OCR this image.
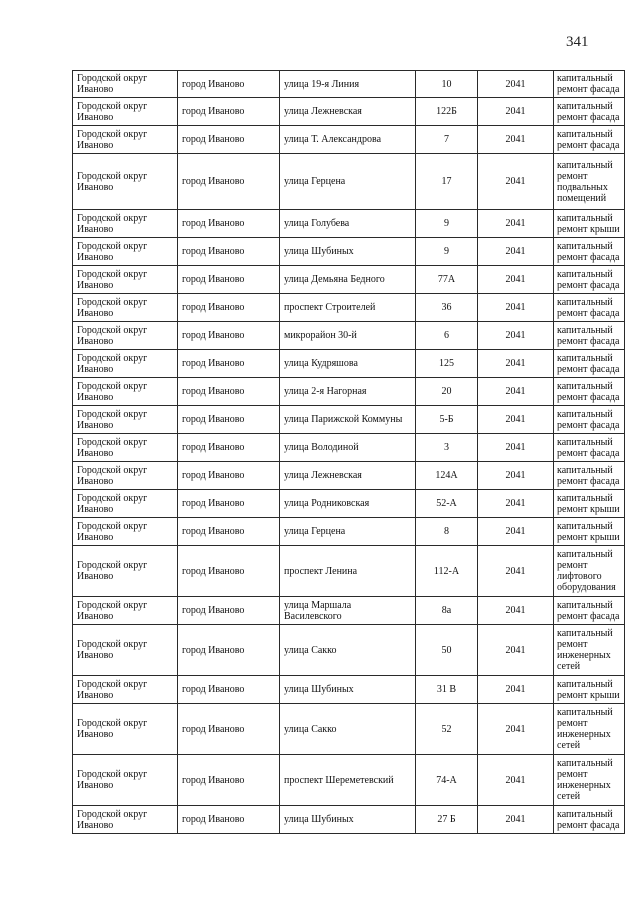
341
Городской округ Иваново	город Иваново	улица 19-я Линия	10	2041	капитальный ремонт фасада
Городской округ Иваново	город Иваново	улица Лежневская	122Б	2041	капитальный ремонт фасада
Городской округ Иваново	город Иваново	улица Т. Александрова	7	2041	капитальный ремонт фасада
Городской округ Иваново	город Иваново	улица Герцена	17	2041	капитальный ремонт подвальных помещений
Городской округ Иваново	город Иваново	улица Голубева	9	2041	капитальный ремонт крыши
Городской округ Иваново	город Иваново	улица Шубиных	9	2041	капитальный ремонт фасада
Городской округ Иваново	город Иваново	улица Демьяна Бедного	77А	2041	капитальный ремонт фасада
Городской округ Иваново	город Иваново	проспект Строителей	36	2041	капитальный ремонт фасада
Городской округ Иваново	город Иваново	микрорайон 30-й	6	2041	капитальный ремонт фасада
Городской округ Иваново	город Иваново	улица Кудряшова	125	2041	капитальный ремонт фасада
Городской округ Иваново	город Иваново	улица 2-я Нагорная	20	2041	капитальный ремонт фасада
Городской округ Иваново	город Иваново	улица Парижской Коммуны	5-Б	2041	капитальный ремонт фасада
Городской округ Иваново	город Иваново	улица Володиной	3	2041	капитальный ремонт фасада
Городской округ Иваново	город Иваново	улица Лежневская	124А	2041	капитальный ремонт фасада
Городской округ Иваново	город Иваново	улица Родниковская	52-А	2041	капитальный ремонт крыши
Городской округ Иваново	город Иваново	улица Герцена	8	2041	капитальный ремонт крыши
Городской округ Иваново	город Иваново	проспект Ленина	112-А	2041	капитальный ремонт лифтового оборудования
Городской округ Иваново	город Иваново	улица Маршала Василевского	8а	2041	капитальный ремонт фасада
Городской округ Иваново	город Иваново	улица Сакко	50	2041	капитальный ремонт инженерных сетей
Городской округ Иваново	город Иваново	улица Шубиных	31 В	2041	капитальный ремонт крыши
Городской округ Иваново	город Иваново	улица Сакко	52	2041	капитальный ремонт инженерных сетей
Городской округ Иваново	город Иваново	проспект Шереметевский	74-А	2041	капитальный ремонт инженерных сетей
Городской округ Иваново	город Иваново	улица Шубиных	27 Б	2041	капитальный ремонт фасада
